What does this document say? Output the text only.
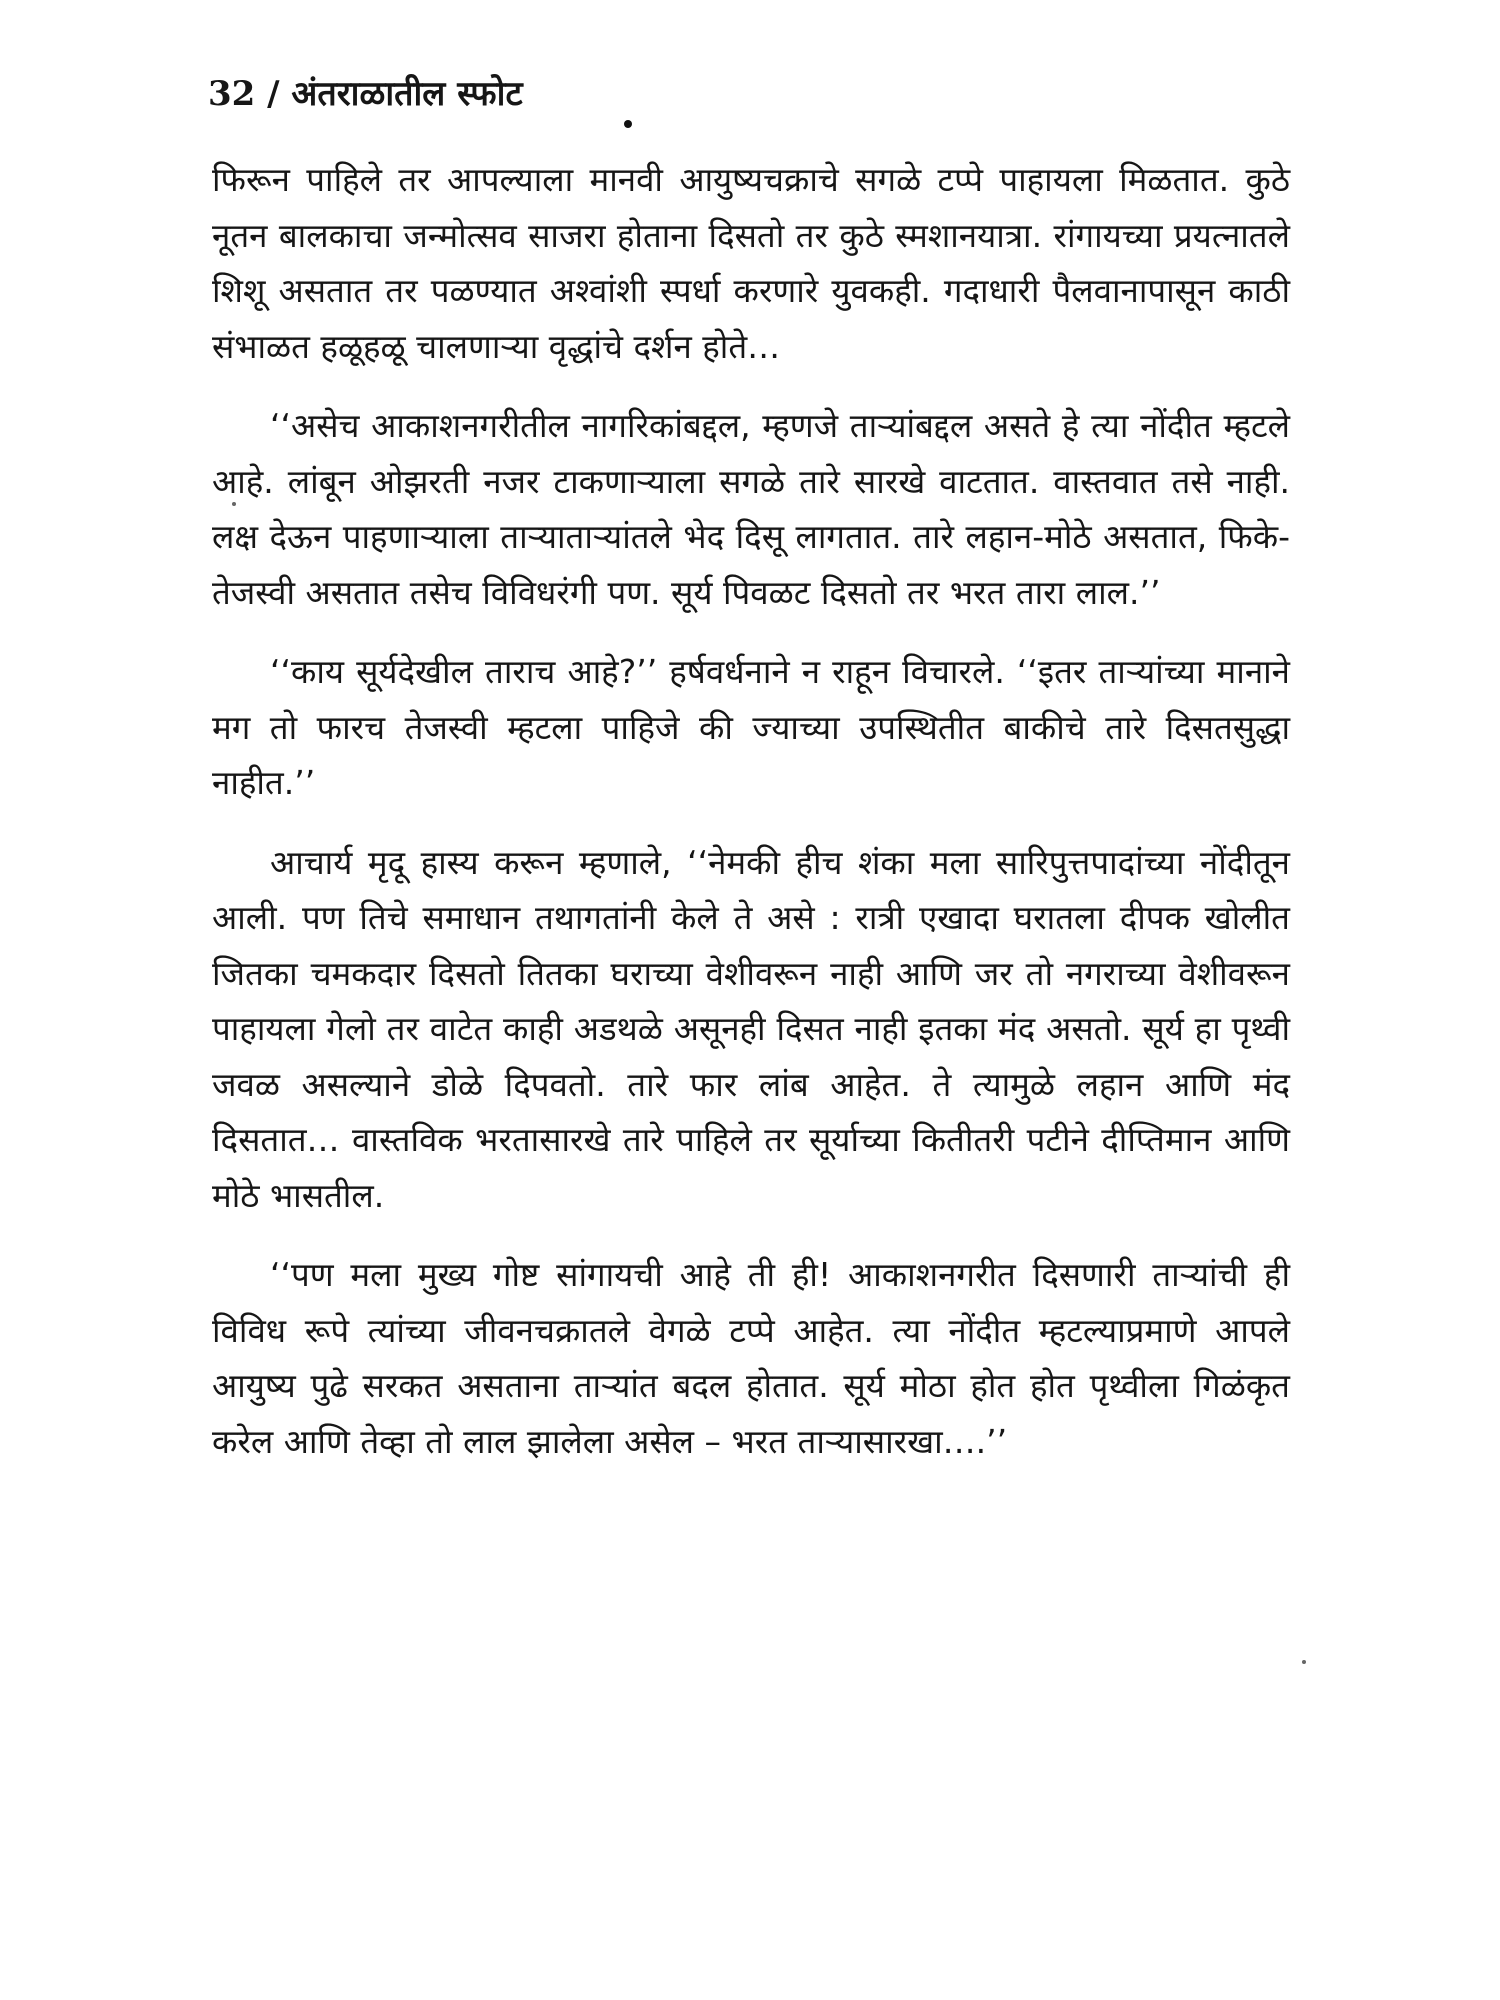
32 / अंतराळातील स्फोट

फिरून पाहिले तर आपल्याला मानवी आयुष्यचक्राचे सगळे टप्पे पाहायला मिळतात. कुठे नूतन बालकाचा जन्मोत्सव साजरा होताना दिसतो तर कुठे स्मशानयात्रा. रांगायच्या प्रयत्नातले शिशू असतात तर पळण्यात अश्वांशी स्पर्धा करणारे युवकही. गदाधारी पैलवानापासून काठी संभाळत हळूहळू चालणाऱ्या वृद्धांचे दर्शन होते…

‘‘असेच आकाशनगरीतील नागरिकांबद्दल, म्हणजे ताऱ्यांबद्दल असते हे त्या नोंदीत म्हटले आहे. लांबून ओझरती नजर टाकणाऱ्याला सगळे तारे सारखे वाटतात. वास्तवात तसे नाही. लक्ष देऊन पाहणाऱ्याला ताऱ्याताऱ्यांतले भेद दिसू लागतात. तारे लहान-मोठे असतात, फिके-तेजस्वी असतात तसेच विविधरंगी पण. सूर्य पिवळट दिसतो तर भरत तारा लाल.’’

‘‘काय सूर्यदेखील ताराच आहे?’’ हर्षवर्धनाने न राहून विचारले. ‘‘इतर ताऱ्यांच्या मानाने मग तो फारच तेजस्वी म्हटला पाहिजे की ज्याच्या उपस्थितीत बाकीचे तारे दिसतसुद्धा नाहीत.’’

आचार्य मृदू हास्य करून म्हणाले, ‘‘नेमकी हीच शंका मला सारिपुत्तपादांच्या नोंदीतून आली. पण तिचे समाधान तथागतांनी केले ते असे : रात्री एखादा घरातला दीपक खोलीत जितका चमकदार दिसतो तितका घराच्या वेशीवरून नाही आणि जर तो नगराच्या वेशीवरून पाहायला गेलो तर वाटेत काही अडथळे असूनही दिसत नाही इतका मंद असतो. सूर्य हा पृथ्वी जवळ असल्याने डोळे दिपवतो. तारे फार लांब आहेत. ते त्यामुळे लहान आणि मंद दिसतात… वास्तविक भरतासारखे तारे पाहिले तर सूर्याच्या कितीतरी पटीने दीप्तिमान आणि मोठे भासतील.

‘‘पण मला मुख्य गोष्ट सांगायची आहे ती ही! आकाशनगरीत दिसणारी ताऱ्यांची ही विविध रूपे त्यांच्या जीवनचक्रातले वेगळे टप्पे आहेत. त्या नोंदीत म्हटल्याप्रमाणे आपले आयुष्य पुढे सरकत असताना ताऱ्यांत बदल होतात. सूर्य मोठा होत होत पृथ्वीला गिळंकृत करेल आणि तेव्हा तो लाल झालेला असेल – भरत ताऱ्यासारखा….’’
